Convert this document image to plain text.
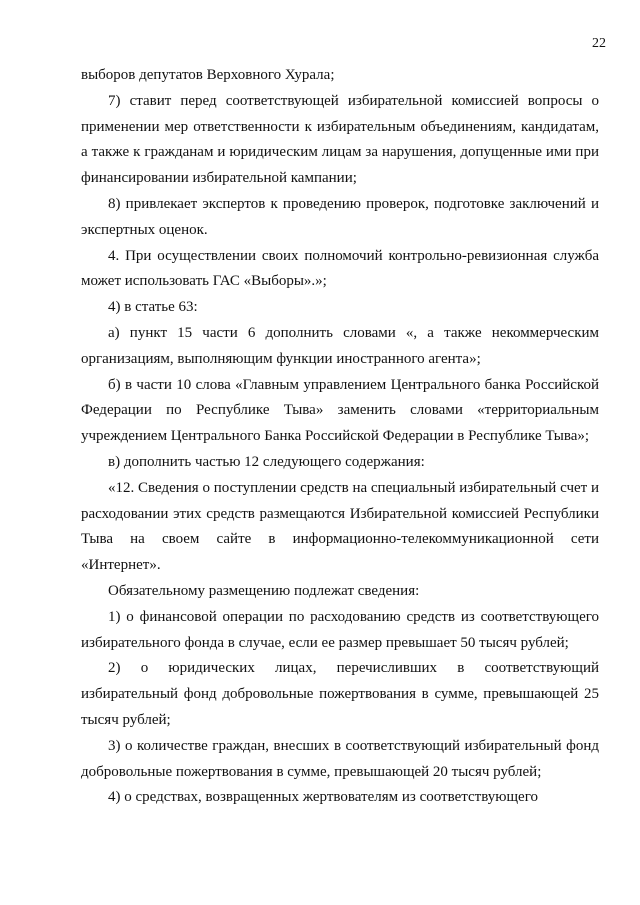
22

выборов депутатов Верховного Хурала;

7) ставит перед соответствующей избирательной комиссией вопросы о применении мер ответственности к избирательным объединениям, кандидатам, а также к гражданам и юридическим лицам за нарушения, допущенные ими при финансировании избирательной кампании;

8) привлекает экспертов к проведению проверок, подготовке заключений и экспертных оценок.

4. При осуществлении своих полномочий контрольно-ревизионная служба может использовать ГАС «Выборы».»;

4) в статье 63:

а) пункт 15 части 6 дополнить словами «, а также некоммерческим организациям, выполняющим функции иностранного агента»;

б) в части 10 слова «Главным управлением Центрального банка Российской Федерации по Республике Тыва» заменить словами «территориальным учреждением Центрального Банка Российской Федерации в Республике Тыва»;

в) дополнить частью 12 следующего содержания:

«12. Сведения о поступлении средств на специальный избирательный счет и расходовании этих средств размещаются Избирательной комиссией Республики Тыва на своем сайте в информационно-телекоммуникационной сети «Интернет».

Обязательному размещению подлежат сведения:

1) о финансовой операции по расходованию средств из соответствующего избирательного фонда в случае, если ее размер превышает 50 тысяч рублей;

2) о юридических лицах, перечисливших в соответствующий избирательный фонд добровольные пожертвования в сумме, превышающей 25 тысяч рублей;

3) о количестве граждан, внесших в соответствующий избирательный фонд добровольные пожертвования в сумме, превышающей 20 тысяч рублей;

4) о средствах, возвращенных жертвователям из соответствующего
